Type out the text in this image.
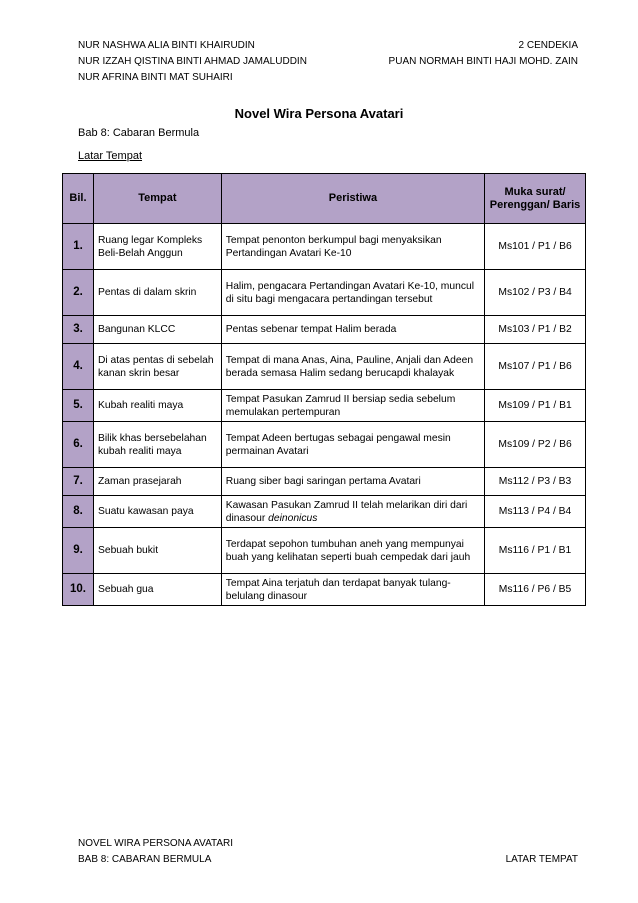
NUR NASHWA ALIA BINTI KHAIRUDIN	2 CENDEKIA
NUR IZZAH QISTINA BINTI AHMAD JAMALUDDIN	PUAN NORMAH BINTI HAJI MOHD. ZAIN
NUR AFRINA BINTI MAT SUHAIRI
Novel Wira Persona Avatari
Bab 8: Cabaran Bermula
Latar Tempat
Bil.	Tempat	Peristiwa	Muka surat/ Perenggan/ Baris
1.	Ruang legar Kompleks Beli-Belah Anggun	Tempat penonton berkumpul bagi menyaksikan Pertandingan Avatari Ke-10	Ms101 / P1 / B6
2.	Pentas di dalam skrin	Halim, pengacara Pertandingan Avatari Ke-10, muncul di situ bagi mengacara pertandingan tersebut	Ms102 / P3 / B4
3.	Bangunan KLCC	Pentas sebenar tempat Halim berada	Ms103 / P1 / B2
4.	Di atas pentas di sebelah kanan skrin besar	Tempat di mana Anas, Aina, Pauline, Anjali dan Adeen berada semasa Halim sedang berucapdi khalayak	Ms107 / P1 / B6
5.	Kubah realiti maya	Tempat Pasukan Zamrud II bersiap sedia sebelum memulakan pertempuran	Ms109 / P1 / B1
6.	Bilik khas bersebelahan kubah realiti maya	Tempat Adeen bertugas sebagai pengawal mesin permainan Avatari	Ms109 / P2 / B6
7.	Zaman prasejarah	Ruang siber bagi saringan pertama Avatari	Ms112 / P3 / B3
8.	Suatu kawasan paya	Kawasan Pasukan Zamrud II telah melarikan diri dari dinasour deinonicus	Ms113 / P4 / B4
9.	Sebuah bukit	Terdapat sepohon tumbuhan aneh yang mempunyai buah yang kelihatan seperti buah cempedak dari jauh	Ms116 / P1 / B1
10.	Sebuah gua	Tempat Aina terjatuh dan terdapat banyak tulang-belulang dinasour	Ms116 / P6 / B5
NOVEL WIRA PERSONA AVATARI
BAB 8: CABARAN BERMULA	LATAR TEMPAT
